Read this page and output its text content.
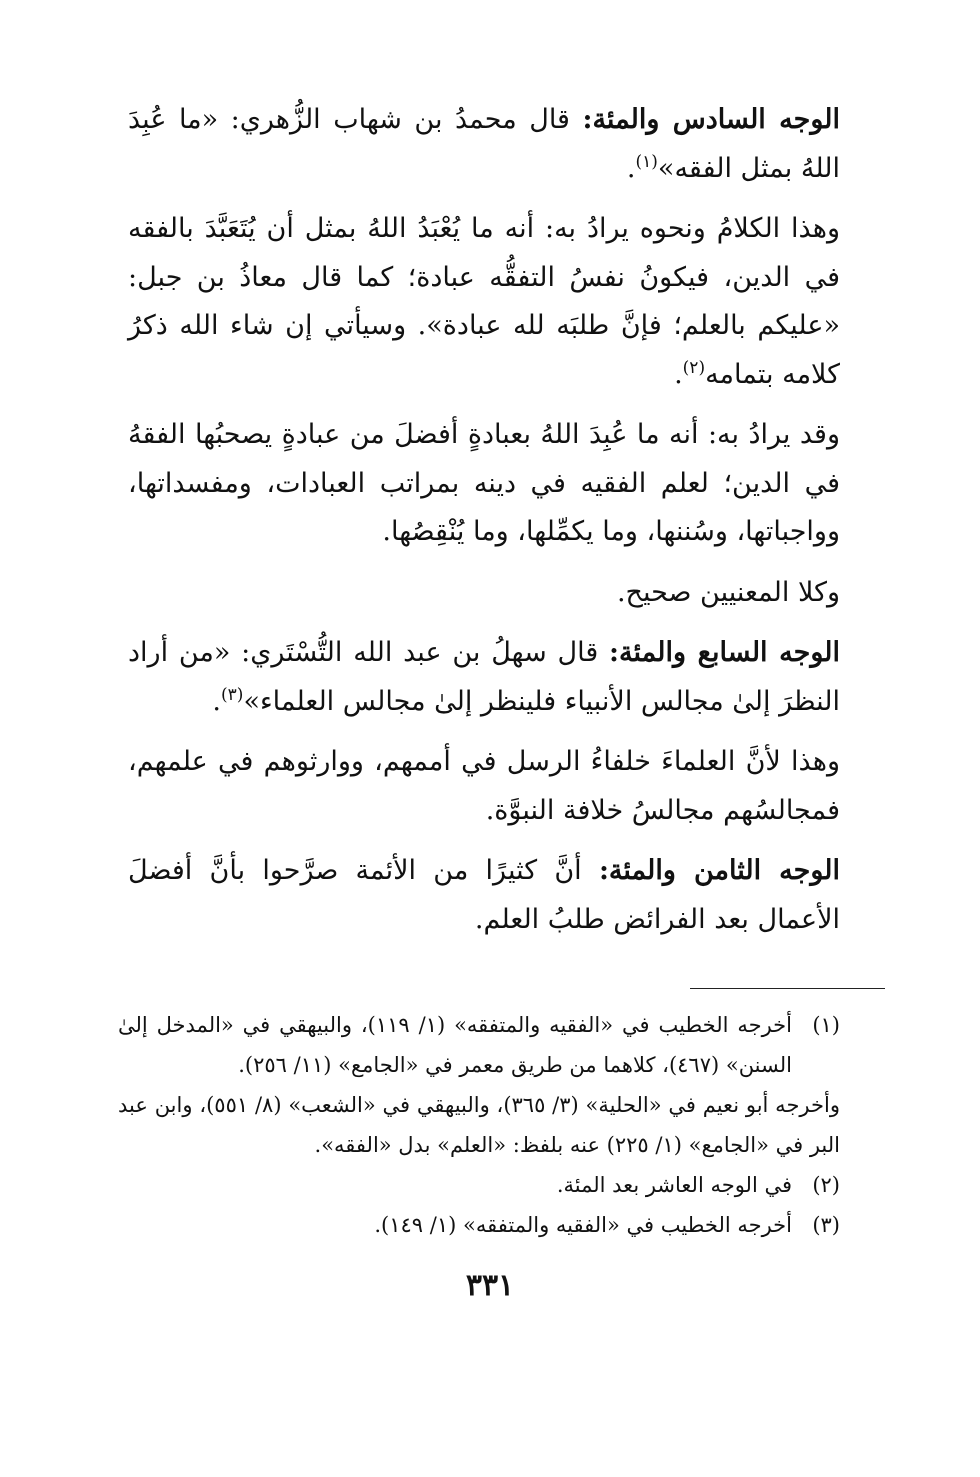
الوجه السادس والمئة: قال محمدُ بن شهاب الزُّهري: «ما عُبِدَ اللهُ بمثل الفقه»$^{(١)}$.

وهذا الكلامُ ونحوه يرادُ به: أنه ما يُعْبَدُ اللهُ بمثل أن يُتَعَبَّدَ بالفقه في الدين، فيكونُ نفسُ التفقُّه عبادة؛ كما قال معاذُ بن جبل: «عليكم بالعلم؛ فإنَّ طلبَه لله عبادة». وسيأتي إن شاء الله ذكرُ كلامه بتمامه$^{(٢)}$.

وقد يرادُ به: أنه ما عُبِدَ اللهُ بعبادةٍ أفضلَ من عبادةٍ يصحبُها الفقهُ في الدين؛ لعلم الفقيه في دينه بمراتب العبادات، ومفسداتها، وواجباتها، وسُننها، وما يكمِّلها، وما يُنْقِصُها.

وكلا المعنيين صحيح.

الوجه السابع والمئة: قال سهلُ بن عبد الله التُّسْتَري: «من أراد النظرَ إلىٰ مجالس الأنبياء فلينظر إلىٰ مجالس العلماء»$^{(٣)}$.

وهذا لأنَّ العلماءَ خلفاءُ الرسل في أممهم، ووارثوهم في علمهم، فمجالسُهم مجالسُ خلافة النبوَّة.

الوجه الثامن والمئة: أنَّ كثيرًا من الأئمة صرَّحوا بأنَّ أفضلَ الأعمال بعد الفرائض طلبُ العلم.

(١)
أخرجه الخطيب في «الفقيه والمتفقه» (١/ ١١٩)، والبيهقي في «المدخل إلىٰ السنن» (٤٦٧)، كلاهما من طريق معمر في «الجامع» (١١/ ٢٥٦).

وأخرجه أبو نعيم في «الحلية» (٣/ ٣٦٥)، والبيهقي في «الشعب» (٨/ ٥٥١)، وابن عبد البر في «الجامع» (١/ ٢٢٥) عنه بلفظ: «العلم» بدل «الفقه».

(٢)
في الوجه العاشر بعد المئة.

(٣)
أخرجه الخطيب في «الفقيه والمتفقه» (١/ ١٤٩).

٣٣١
